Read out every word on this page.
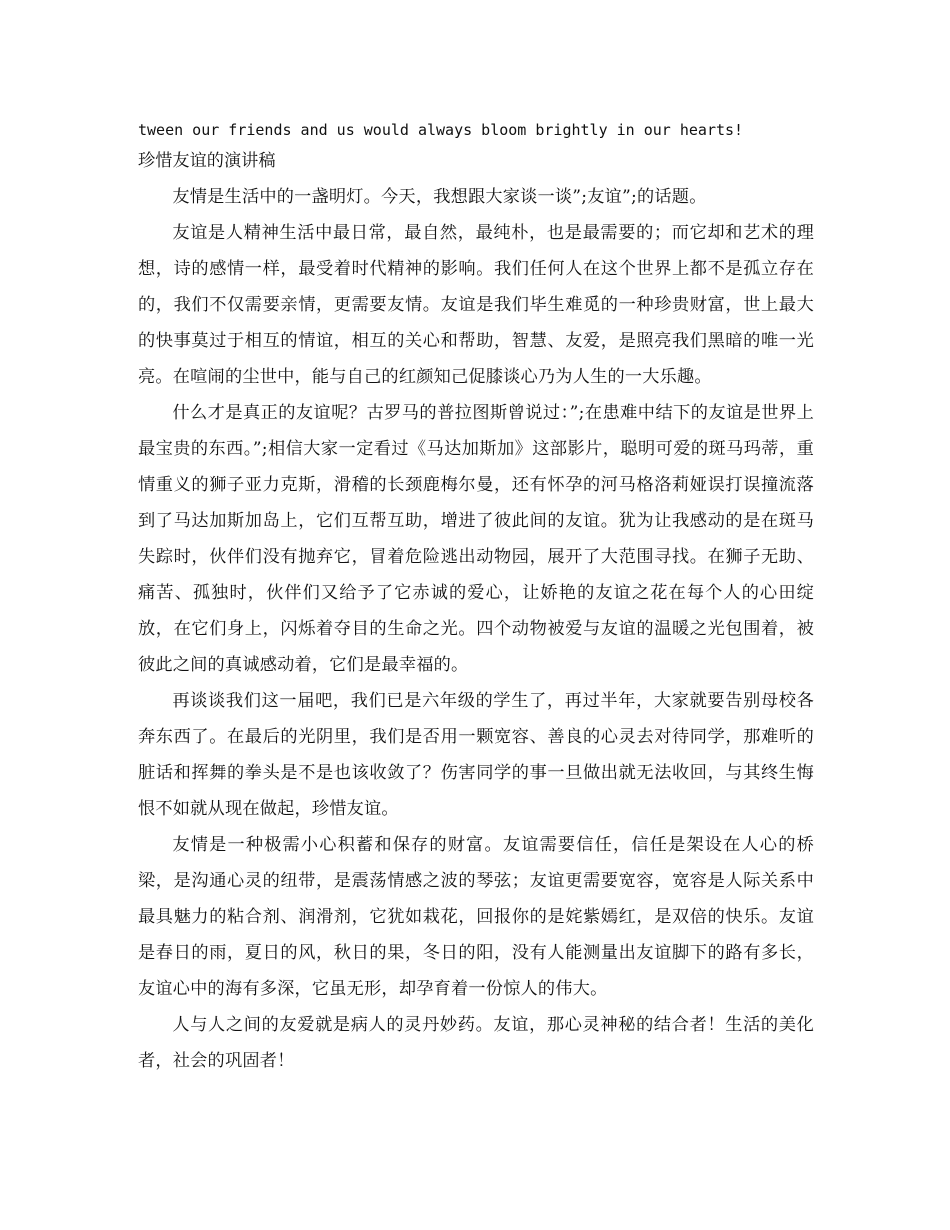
tween our friends and us would always bloom brightly in our hearts!
珍惜友谊的演讲稿

友情是生活中的一盏明灯。今天，我想跟大家谈一谈”;友谊”;的话题。

友谊是人精神生活中最日常，最自然，最纯朴，也是最需要的；而它却和艺术的理想，诗的感情一样，最受着时代精神的影响。我们任何人在这个世界上都不是孤立存在的，我们不仅需要亲情，更需要友情。友谊是我们毕生难觅的一种珍贵财富，世上最大的快事莫过于相互的情谊，相互的关心和帮助，智慧、友爱，是照亮我们黑暗的唯一光亮。在喧闹的尘世中，能与自己的红颜知己促膝谈心乃为人生的一大乐趣。

什么才是真正的友谊呢？古罗马的普拉图斯曾说过：”;在患难中结下的友谊是世界上最宝贵的东西。”;相信大家一定看过《马达加斯加》这部影片，聪明可爱的斑马玛蒂，重情重义的狮子亚力克斯，滑稽的长颈鹿梅尔曼，还有怀孕的河马格洛莉娅误打误撞流落到了马达加斯加岛上，它们互帮互助，增进了彼此间的友谊。犹为让我感动的是在斑马失踪时，伙伴们没有抛弃它，冒着危险逃出动物园，展开了大范围寻找。在狮子无助、痛苦、孤独时，伙伴们又给予了它赤诚的爱心，让娇艳的友谊之花在每个人的心田绽放，在它们身上，闪烁着夺目的生命之光。四个动物被爱与友谊的温暖之光包围着，被彼此之间的真诚感动着，它们是最幸福的。

再谈谈我们这一届吧，我们已是六年级的学生了，再过半年，大家就要告别母校各奔东西了。在最后的光阴里，我们是否用一颗宽容、善良的心灵去对待同学，那难听的脏话和挥舞的拳头是不是也该收敛了？伤害同学的事一旦做出就无法收回，与其终生悔恨不如就从现在做起，珍惜友谊。

友情是一种极需小心积蓄和保存的财富。友谊需要信任，信任是架设在人心的桥梁，是沟通心灵的纽带，是震荡情感之波的琴弦；友谊更需要宽容，宽容是人际关系中最具魅力的粘合剂、润滑剂，它犹如栽花，回报你的是姹紫嫣红，是双倍的快乐。友谊是春日的雨，夏日的风，秋日的果，冬日的阳，没有人能测量出友谊脚下的路有多长，友谊心中的海有多深，它虽无形，却孕育着一份惊人的伟大。

人与人之间的友爱就是病人的灵丹妙药。友谊，那心灵神秘的结合者！生活的美化者，社会的巩固者！
